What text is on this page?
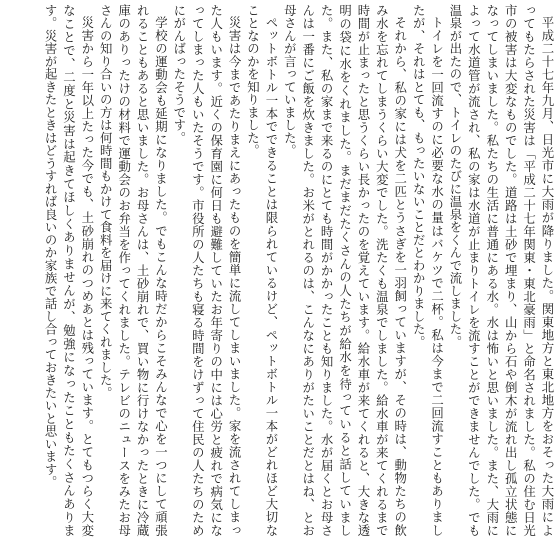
平成二十七年九月、日光市に大雨が降りました。関東地方と東北地方をおそった大雨によってもたらされた災害は「平成二十七年関東・東北豪雨」と命名されました。私の住む日光市の被害は大変なものでした。道路は土砂で埋まり、山から石や倒木が流れ出し孤立状態になってしまいました。私たちの生活に普通にある水。水は怖いと思いました。また、大雨によって水道管が流され、私の家は水道が止まりトイレを流すことができませんでした。でも温泉が出たので、トイレのたびに温泉をくんで流しました。

トイレを一回流すのに必要な水の量はバケツで二杯。私は今まで二回流すこともありましたが、それはとても、もったいないことだとわかりました。

それから、私の家には犬を二匹とうさぎを一羽飼っていますが、その時は、動物たちの飲み水を忘れてしまうくらい大変でした。洗たくも温泉でしました。給水車が来てくれるまで時間が止まったと思うくらい長かったのを覚えています。給水車が来てくれると、大きな透明の袋に水をくれました。まだまだたくさんの人たちが給水を待っていると話していました。また、私の家まで来るのにとても時間がかかったことも知りました。水が届くとお母さんは一番にご飯を炊きました。お米がとれるのは、こんなにありがたいことだとはね、とお母さんが言っていました。

ペットボトル一本でできることは限られているけど、ペットボトル一本がどれほど大切なことなのかを知りました。

災害は今まであたりまえにあったものを簡単に流してしまいました。家を流されてしまった人もいます。近くの保育園に何日も避難していたお年寄りの中には心労と疲れで病気になってしまった人もいたそうです。市役所の人たちも寝る時間をけずって住民の人たちのためにがんばったそうです。

学校の運動会も延期になりました。でもこんな時だからこそみんなで心を一つにして頑張れることもあると思いました。お母さんは、土砂崩れで、買い物に行けなかったときに冷蔵庫のありったけの材料で運動会のお弁当を作ってくれました。テレビのニュースをみたお母さんの知り合いの方は何時間もかけて食料を届けに来てくれました。

災害から一年以上たった今でも、土砂崩れのつめあとは残っています。とてもつらく大変なことで、二度と災害は起きてほしくありませんが、勉強になったこともたくさんあります。災害が起きたときはどうすれば良いのか家族で話し合っておきたいと思います。
